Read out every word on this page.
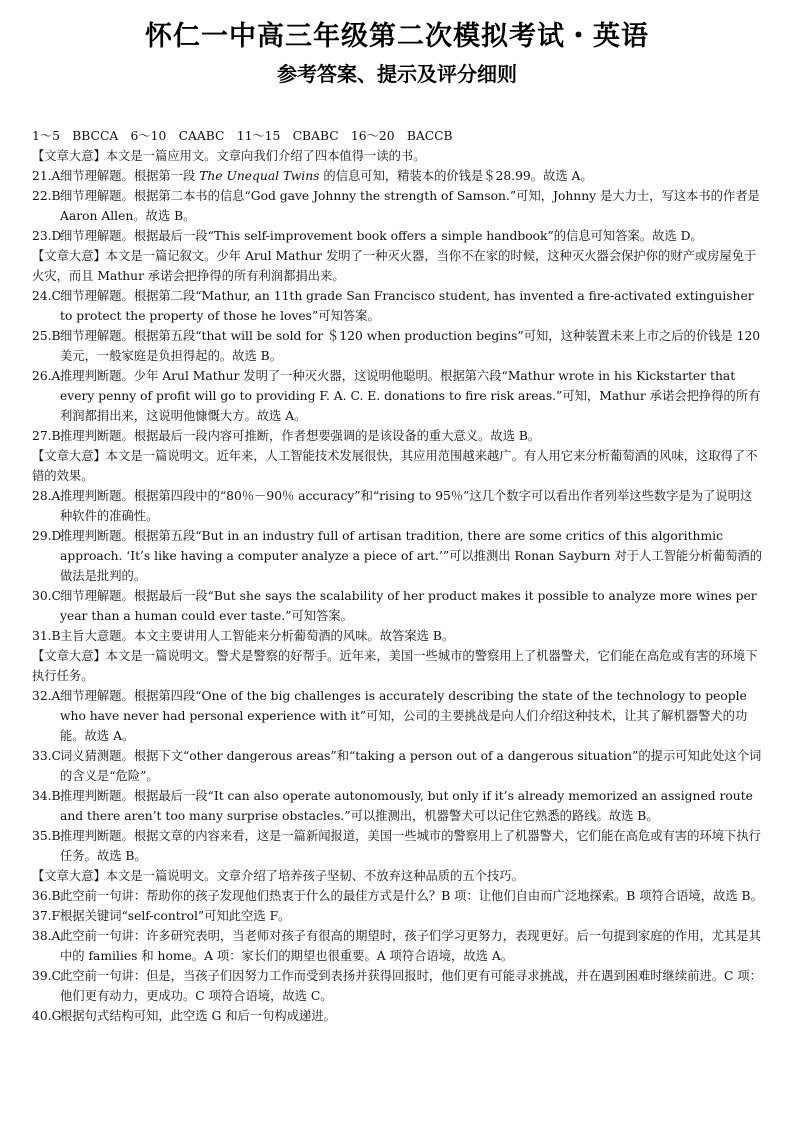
怀仁一中高三年级第二次模拟考试・英语
参考答案、提示及评分细则

1～5　BBCCA　6～10　CAABC　11～15　CBABC　16～20　BACCB

【文章大意】本文是一篇应用文。文章向我们介绍了四本值得一读的书。

21.A细节理解题。根据第一段 The Unequal Twins 的信息可知，精装本的价钱是＄28.99。故选 A。

22.B细节理解题。根据第二本书的信息“God gave Johnny the strength of Samson.”可知，Johnny 是大力士，写这本书的作者是 Aaron Allen。故选 B。

23.D细节理解题。根据最后一段“This self-improvement book offers a simple handbook”的信息可知答案。故选 D。

【文章大意】本文是一篇记叙文。少年 Arul Mathur 发明了一种灭火器，当你不在家的时候，这种灭火器会保护你的财产或房屋免于火灾，而且 Mathur 承诺会把挣得的所有利润都捐出来。

24.C细节理解题。根据第二段“Mathur, an 11th grade San Francisco student, has invented a fire-activated extinguisher to protect the property of those he loves”可知答案。

25.B细节理解题。根据第五段“that will be sold for ＄120 when production begins”可知，这种装置未来上市之后的价钱是 120 美元，一般家庭是负担得起的。故选 B。

26.A推理判断题。少年 Arul Mathur 发明了一种灭火器，这说明他聪明。根据第六段“Mathur wrote in his Kickstarter that every penny of profit will go to providing F. A. C. E. donations to fire risk areas.”可知，Mathur 承诺会把挣得的所有利润都捐出来，这说明他慷慨大方。故选 A。

27.B推理判断题。根据最后一段内容可推断，作者想要强调的是该设备的重大意义。故选 B。

【文章大意】本文是一篇说明文。近年来，人工智能技术发展很快，其应用范围越来越广。有人用它来分析葡萄酒的风味，这取得了不错的效果。

28.A推理判断题。根据第四段中的“80％－90％ accuracy”和“rising to 95％”这几个数字可以看出作者列举这些数字是为了说明这种软件的准确性。

29.D推理判断题。根据第五段“But in an industry full of artisan tradition, there are some critics of this algorithmic approach. ‘It’s like having a computer analyze a piece of art.’”可以推测出 Ronan Sayburn 对于人工智能分析葡萄酒的做法是批判的。

30.C细节理解题。根据最后一段“But she says the scalability of her product makes it possible to analyze more wines per year than a human could ever taste.”可知答案。

31.B主旨大意题。本文主要讲用人工智能来分析葡萄酒的风味。故答案选 B。

【文章大意】本文是一篇说明文。警犬是警察的好帮手。近年来，美国一些城市的警察用上了机器警犬，它们能在高危或有害的环境下执行任务。

32.A细节理解题。根据第四段“One of the big challenges is accurately describing the state of the technology to people who have never had personal experience with it”可知，公司的主要挑战是向人们介绍这种技术，让其了解机器警犬的功能。故选 A。

33.C词义猜测题。根据下文“other dangerous areas”和“taking a person out of a dangerous situation”的提示可知此处这个词的含义是“危险”。

34.B推理判断题。根据最后一段“It can also operate autonomously, but only if it’s already memorized an assigned route and there aren’t too many surprise obstacles.”可以推测出，机器警犬可以记住它熟悉的路线。故选 B。

35.B推理判断题。根据文章的内容来看，这是一篇新闻报道，美国一些城市的警察用上了机器警犬，它们能在高危或有害的环境下执行任务。故选 B。

【文章大意】本文是一篇说明文。文章介绍了培养孩子坚韧、不放弃这种品质的五个技巧。

36.B此空前一句讲：帮助你的孩子发现他们热衷于什么的最佳方式是什么？B 项：让他们自由而广泛地探索。B 项符合语境，故选 B。

37.F根据关键词“self-control”可知此空选 F。

38.A此空前一句讲：许多研究表明，当老师对孩子有很高的期望时，孩子们学习更努力，表现更好。后一句提到家庭的作用，尤其是其中的 families 和 home。A 项：家长们的期望也很重要。A 项符合语境，故选 A。

39.C此空前一句讲：但是，当孩子们因努力工作而受到表扬并获得回报时，他们更有可能寻求挑战，并在遇到困难时继续前进。C 项：他们更有动力，更成功。C 项符合语境，故选 C。

40.G根据句式结构可知，此空选 G 和后一句构成递进。
